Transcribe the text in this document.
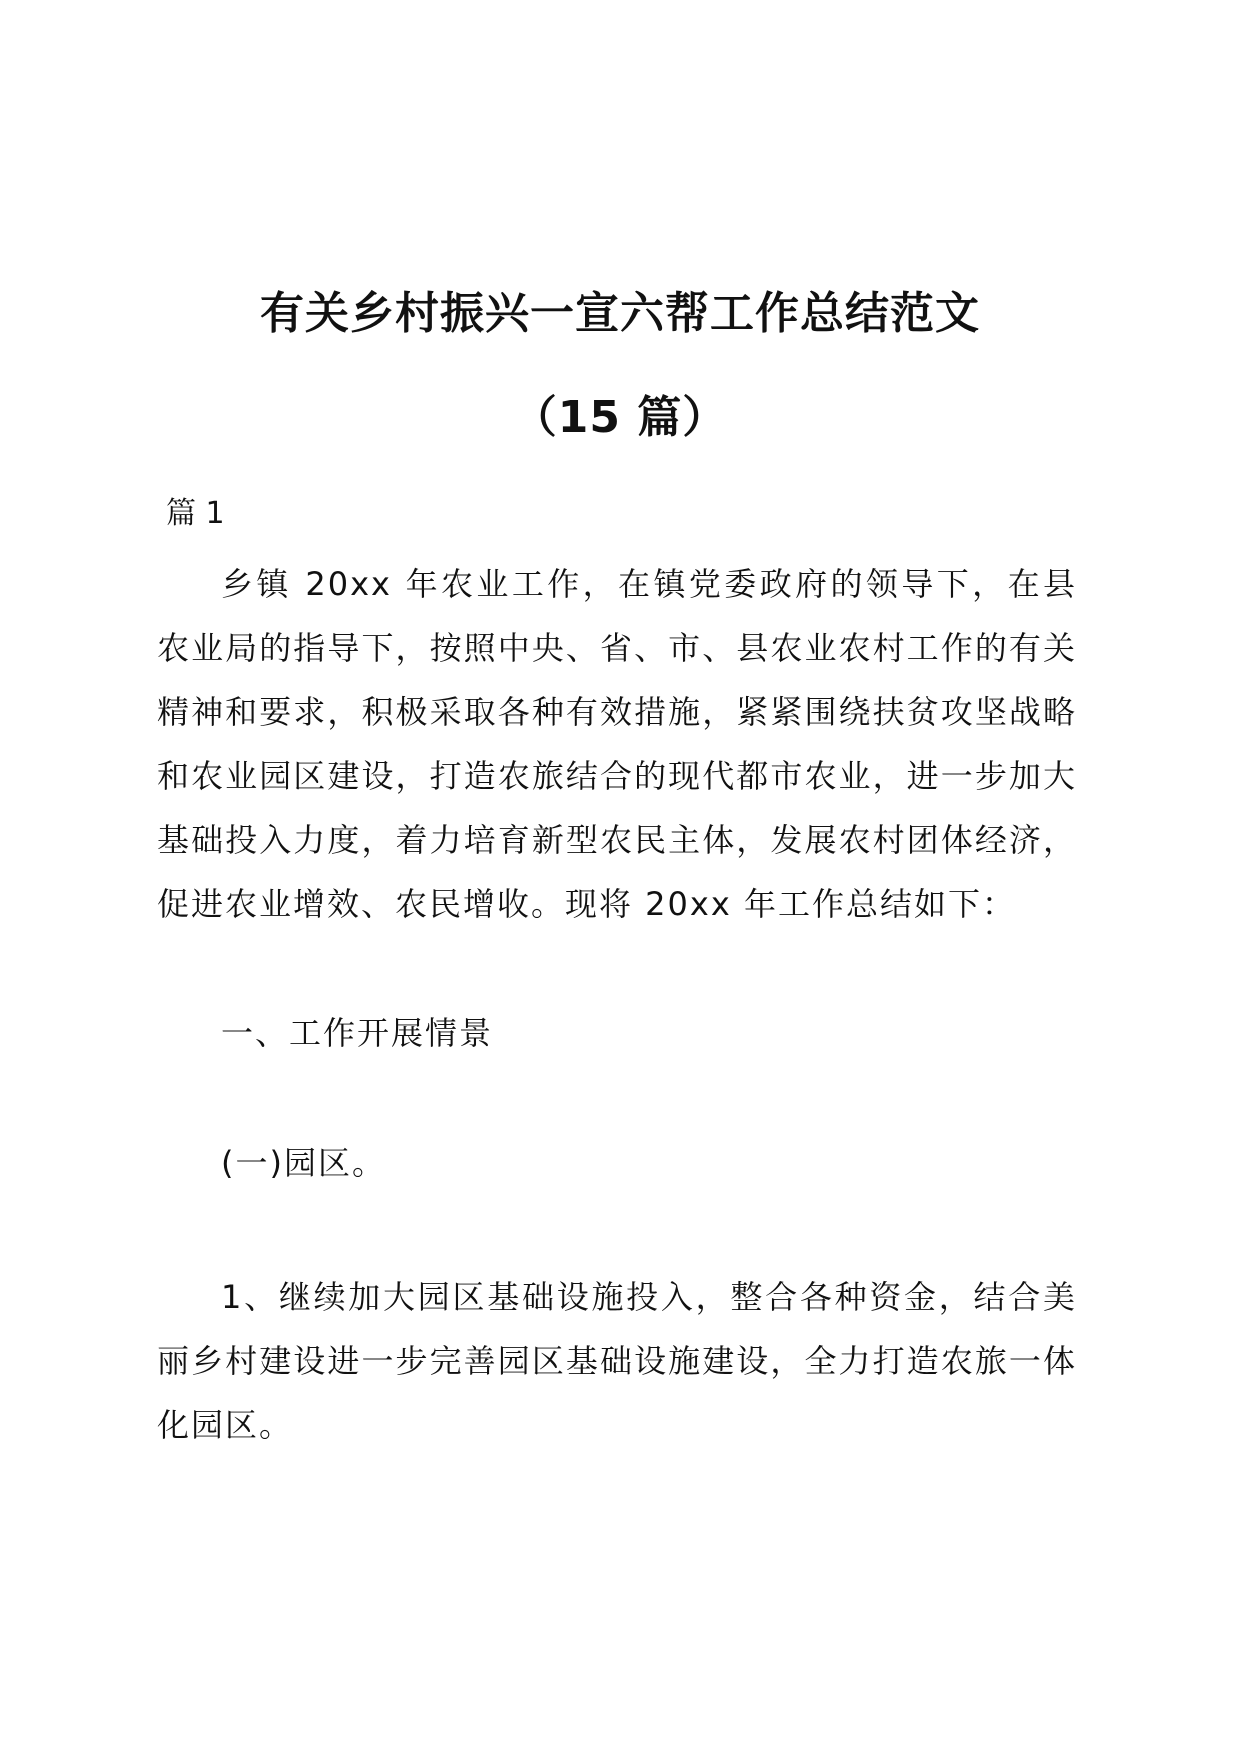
有关乡村振兴一宣六帮工作总结范文
（15 篇）
篇 1

乡镇 20xx 年农业工作，在镇党委政府的领导下，在县农业局的指导下，按照中央、省、市、县农业农村工作的有关精神和要求，积极采取各种有效措施，紧紧围绕扶贫攻坚战略和农业园区建设，打造农旅结合的现代都市农业，进一步加大基础投入力度，着力培育新型农民主体，发展农村团体经济，促进农业增效、农民增收。现将 20xx 年工作总结如下：

一、工作开展情景
(一)园区。

1、继续加大园区基础设施投入，整合各种资金，结合美丽乡村建设进一步完善园区基础设施建设，全力打造农旅一体化园区。
